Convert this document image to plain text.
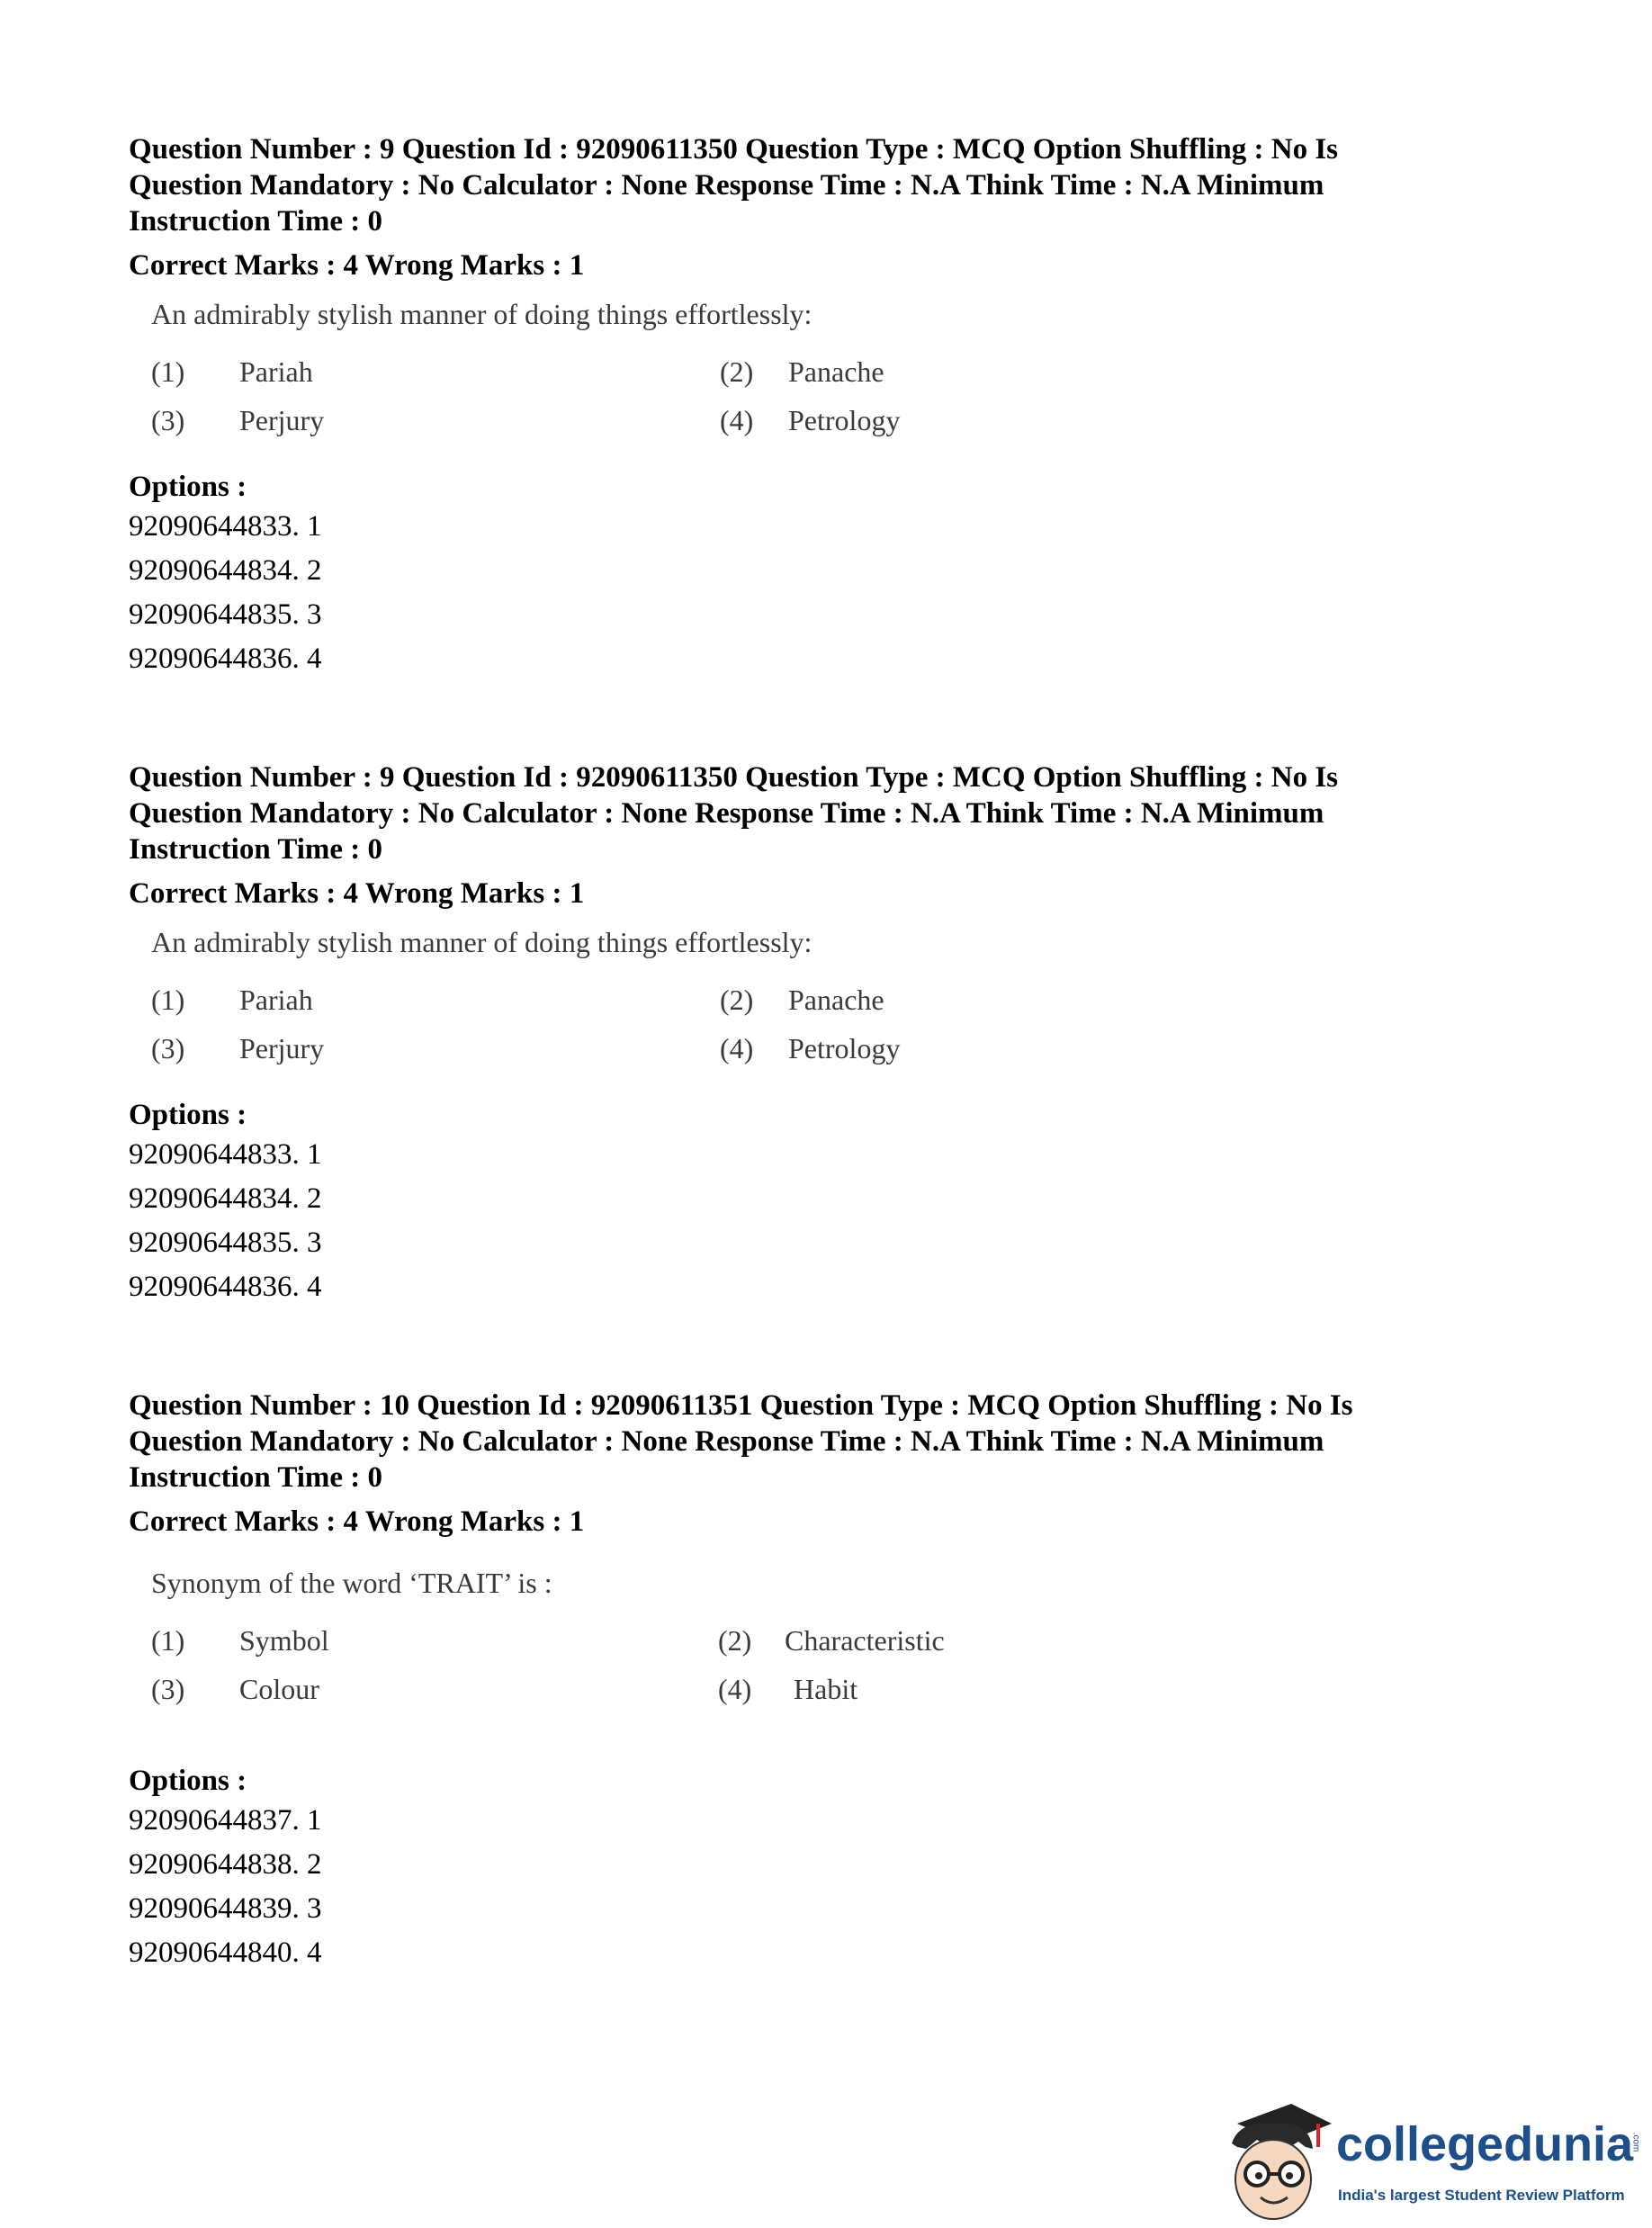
Question Number : 9 Question Id : 92090611350 Question Type : MCQ Option Shuffling : No Is
Question Mandatory : No Calculator : None Response Time : N.A Think Time : N.A Minimum
Instruction Time : 0
Correct Marks : 4 Wrong Marks : 1
An admirably stylish manner of doing things effortlessly:
(1) Pariah	(2) Panache
(3) Perjury	(4) Petrology
Options :
92090644833. 1
92090644834. 2
92090644835. 3
92090644836. 4
Question Number : 9 Question Id : 92090611350 Question Type : MCQ Option Shuffling : No Is
Question Mandatory : No Calculator : None Response Time : N.A Think Time : N.A Minimum
Instruction Time : 0
Correct Marks : 4 Wrong Marks : 1
An admirably stylish manner of doing things effortlessly:
(1) Pariah	(2) Panache
(3) Perjury	(4) Petrology
Options :
92090644833. 1
92090644834. 2
92090644835. 3
92090644836. 4
Question Number : 10 Question Id : 92090611351 Question Type : MCQ Option Shuffling : No Is
Question Mandatory : No Calculator : None Response Time : N.A Think Time : N.A Minimum
Instruction Time : 0
Correct Marks : 4 Wrong Marks : 1
Synonym of the word ‘TRAIT’ is :
(1) Symbol	(2) Characteristic
(3) Colour	(4) Habit
Options :
92090644837. 1
92090644838. 2
92090644839. 3
92090644840. 4
collegedunia
.com
India's largest Student Review Platform
